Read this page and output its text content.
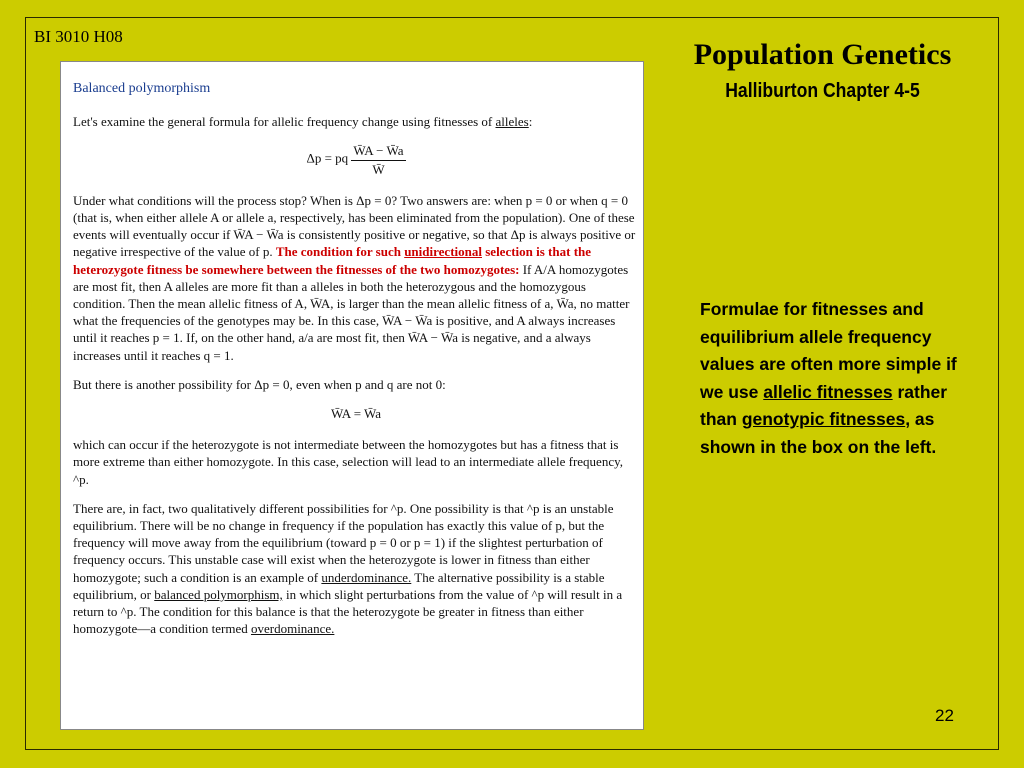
BI 3010 H08
Population Genetics
Halliburton Chapter 4-5
Balanced polymorphism

Let's examine the general formula for allelic frequency change using fitnesses of alleles:

Δp = pq $\frac{W̄A - W̄a}{W̄}$

Under what conditions will the process stop? When is Δp = 0? Two answers are: when p = 0 or when q = 0 (that is, when either allele A or allele a, respectively, has been eliminated from the population). One of these events will eventually occur if W̄A − W̄a is consistently positive or negative, so that Δp is always positive or negative irrespective of the value of p. The condition for such unidirectional selection is that the heterozygote fitness be somewhere between the fitnesses of the two homozygotes: If A/A homozygotes are most fit, then A alleles are more fit than a alleles in both the heterozygous and the homozygous condition. Then the mean allelic fitness of A, W̄A, is larger than the mean allelic fitness of a, W̄a, no matter what the frequencies of the genotypes may be. In this case, W̄A − W̄a is positive, and A always increases until it reaches p = 1. If, on the other hand, a/a are most fit, then W̄A − W̄a is negative, and a always increases until it reaches q = 1.

But there is another possibility for Δp = 0, even when p and q are not 0:

W̄A = W̄a

which can occur if the heterozygote is not intermediate between the homozygotes but has a fitness that is more extreme than either homozygote. In this case, selection will lead to an intermediate allele frequency, ^p.

There are, in fact, two qualitatively different possibilities for ^p. One possibility is that ^p is an unstable equilibrium. There will be no change in frequency if the population has exactly this value of p, but the frequency will move away from the equilibrium (toward p = 0 or p = 1) if the slightest perturbation of frequency occurs. This unstable case will exist when the heterozygote is lower in fitness than either homozygote; such a condition is an example of underdominance. The alternative possibility is a stable equilibrium, or balanced polymorphism, in which slight perturbations from the value of ^p will result in a return to ^p. The condition for this balance is that the heterozygote be greater in fitness than either homozygote—a condition termed overdominance.

Formulae for fitnesses and equilibrium allele frequency values are often more simple if we use allelic fitnesses rather than genotypic fitnesses, as shown in the box on the left.
22
